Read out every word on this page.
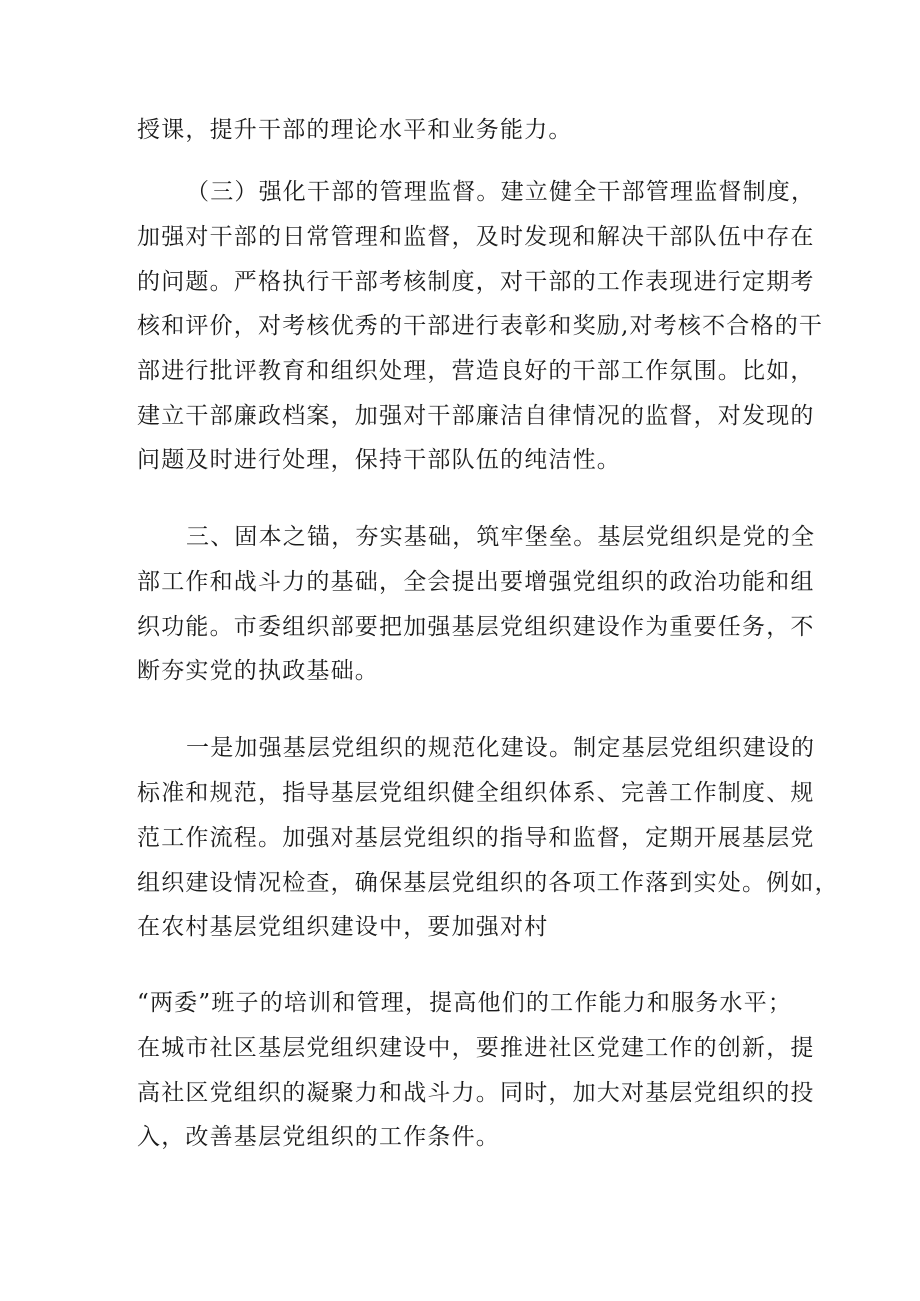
授课，提升干部的理论水平和业务能力。
（三）强化干部的管理监督。建立健全干部管理监督制度，
加强对干部的日常管理和监督，及时发现和解决干部队伍中存在
的问题。严格执行干部考核制度，对干部的工作表现进行定期考
核和评价，对考核优秀的干部进行表彰和奖励,对考核不合格的干
部进行批评教育和组织处理，营造良好的干部工作氛围。比如，
建立干部廉政档案，加强对干部廉洁自律情况的监督，对发现的
问题及时进行处理，保持干部队伍的纯洁性。
三、固本之锚，夯实基础，筑牢堡垒。基层党组织是党的全
部工作和战斗力的基础，全会提出要增强党组织的政治功能和组
织功能。市委组织部要把加强基层党组织建设作为重要任务，不
断夯实党的执政基础。
一是加强基层党组织的规范化建设。制定基层党组织建设的
标准和规范，指导基层党组织健全组织体系、完善工作制度、规
范工作流程。加强对基层党组织的指导和监督，定期开展基层党
组织建设情况检查，确保基层党组织的各项工作落到实处。例如，
在农村基层党组织建设中，要加强对村
“两委”班子的培训和管理，提高他们的工作能力和服务水平；
在城市社区基层党组织建设中，要推进社区党建工作的创新，提
高社区党组织的凝聚力和战斗力。同时，加大对基层党组织的投
入，改善基层党组织的工作条件。
